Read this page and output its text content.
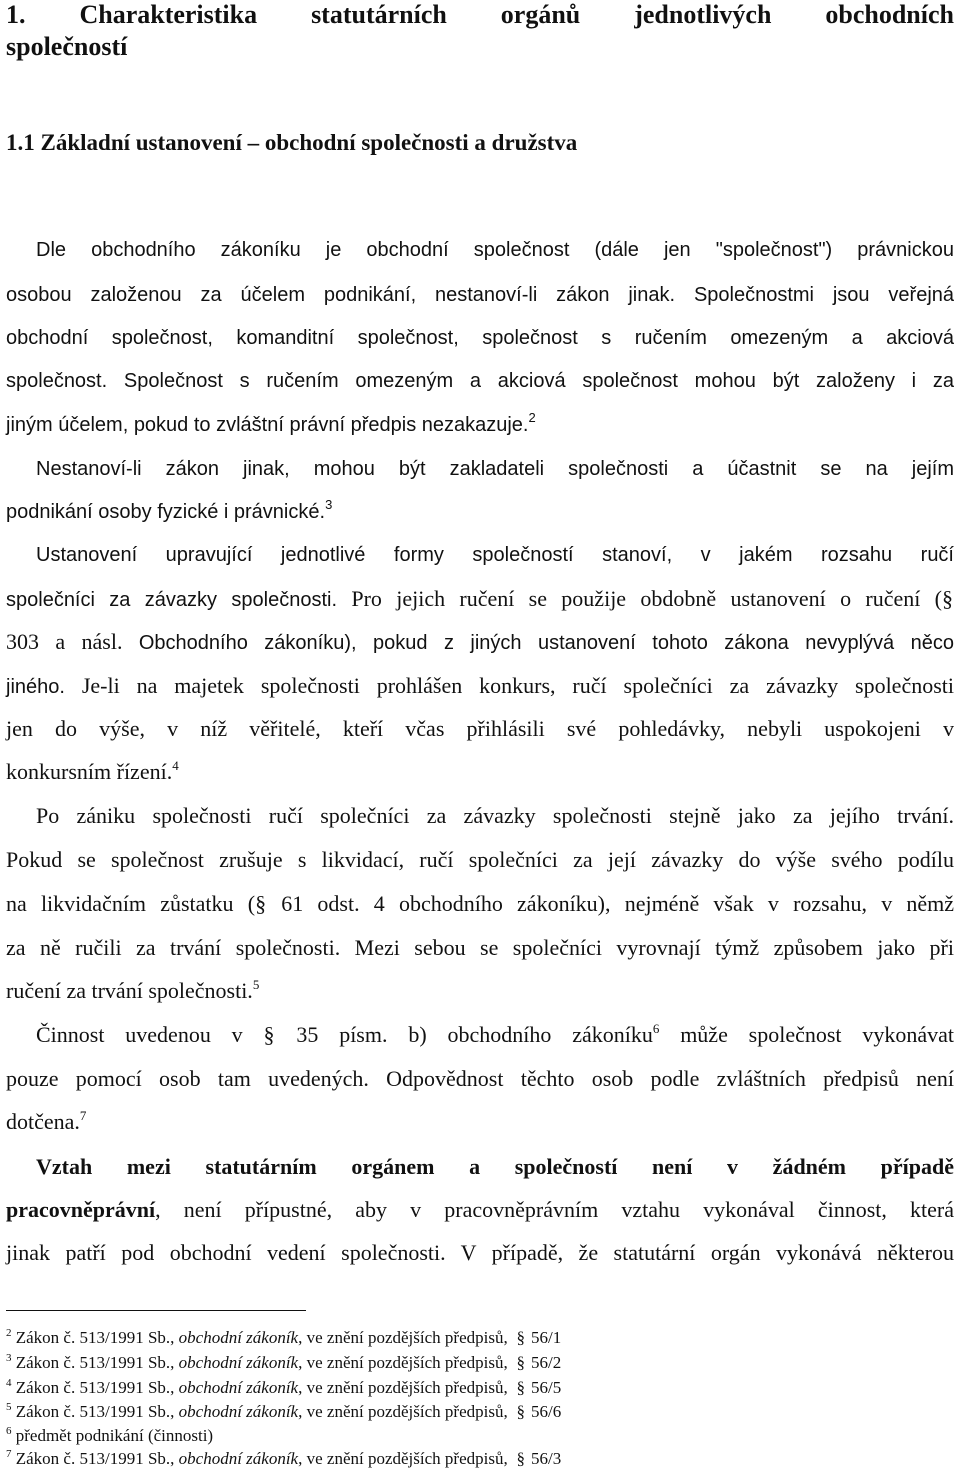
1. Charakteristika statutárních orgánů jednotlivých obchodních
společností
1.1 Základní ustanovení – obchodní společnosti a družstva
Dle obchodního zákoníku je obchodní společnost (dále jen "společnost") právnickou
osobou založenou za účelem podnikání, nestanoví-li zákon jinak. Společnostmi jsou veřejná
obchodní společnost, komanditní společnost, společnost s ručením omezeným a akciová
společnost. Společnost s ručením omezeným a akciová společnost mohou být založeny i za
jiným účelem, pokud to zvláštní právní předpis nezakazuje.$^2$
Nestanoví-li zákon jinak, mohou být zakladateli společnosti a účastnit se na jejím
podnikání osoby fyzické i právnické.$^3$
Ustanovení upravující jednotlivé formy společností stanoví, v jakém rozsahu ručí
společníci za závazky společnosti. Pro jejich ručení se použije obdobně ustanovení o ručení (§
303 a násl. Obchodního zákoníku), pokud z jiných ustanovení tohoto zákona nevyplývá něco
jiného. Je-li na majetek společnosti prohlášen konkurs, ručí společníci za závazky společnosti
jen do výše, v níž věřitelé, kteří včas přihlásili své pohledávky, nebyli uspokojeni v
konkursním řízení.$^4$
Po zániku společnosti ručí společníci za závazky společnosti stejně jako za jejího trvání.
Pokud se společnost zrušuje s likvidací, ručí společníci za její závazky do výše svého podílu
na likvidačním zůstatku (§ 61 odst. 4 obchodního zákoníku), nejméně však v rozsahu, v němž
za ně ručili za trvání společnosti. Mezi sebou se společníci vyrovnají týmž způsobem jako při
ručení za trvání společnosti.$^5$
Činnost uvedenou v § 35 písm. b) obchodního zákoníku$^6$ může společnost vykonávat
pouze pomocí osob tam uvedených. Odpovědnost těchto osob podle zvláštních předpisů není
dotčena.$^7$
Vztah mezi statutárním orgánem a společností není v žádném případě
pracovněprávní, není přípustné, aby v pracovněprávním vztahu vykonával činnost, která
jinak patří pod obchodní vedení společnosti. V případě, že statutární orgán vykonává některou
$^2$ Zákon č. 513/1991 Sb., obchodní zákoník, ve znění pozdějších předpisů, § 56/1
$^3$ Zákon č. 513/1991 Sb., obchodní zákoník, ve znění pozdějších předpisů, § 56/2
$^4$ Zákon č. 513/1991 Sb., obchodní zákoník, ve znění pozdějších předpisů, § 56/5
$^5$ Zákon č. 513/1991 Sb., obchodní zákoník, ve znění pozdějších předpisů, § 56/6
$^6$ předmět podnikání (činnosti)
$^7$ Zákon č. 513/1991 Sb., obchodní zákoník, ve znění pozdějších předpisů, § 56/3
